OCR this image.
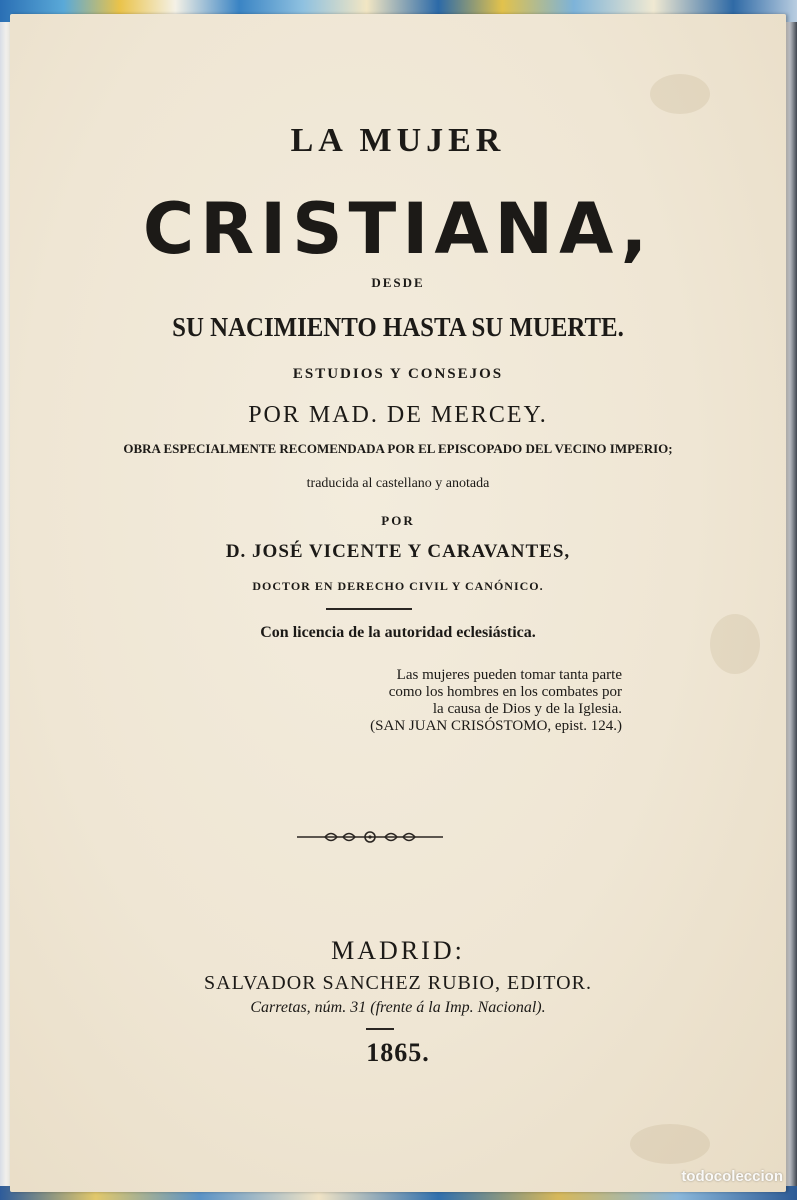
LA MUJER
CRISTIANA,
DESDE
SU NACIMIENTO HASTA SU MUERTE.
ESTUDIOS Y CONSEJOS
POR MAD. DE MERCEY.
OBRA ESPECIALMENTE RECOMENDADA POR EL EPISCOPADO DEL VECINO IMPERIO;
traducida al castellano y anotada
POR
D. JOSÉ VICENTE Y CARAVANTES,
DOCTOR EN DERECHO CIVIL Y CANÓNICO.
Con licencia de la autoridad eclesiástica.
Las mujeres pueden tomar tanta parte
como los hombres en los combates por
la causa de Dios y de la Iglesia.
(SAN JUAN CRISÓSTOMO, epist. 124.)
MADRID:
SALVADOR SANCHEZ RUBIO, EDITOR.
Carretas, núm. 31 (frente á la Imp. Nacional).
1865.
todocoleccion
